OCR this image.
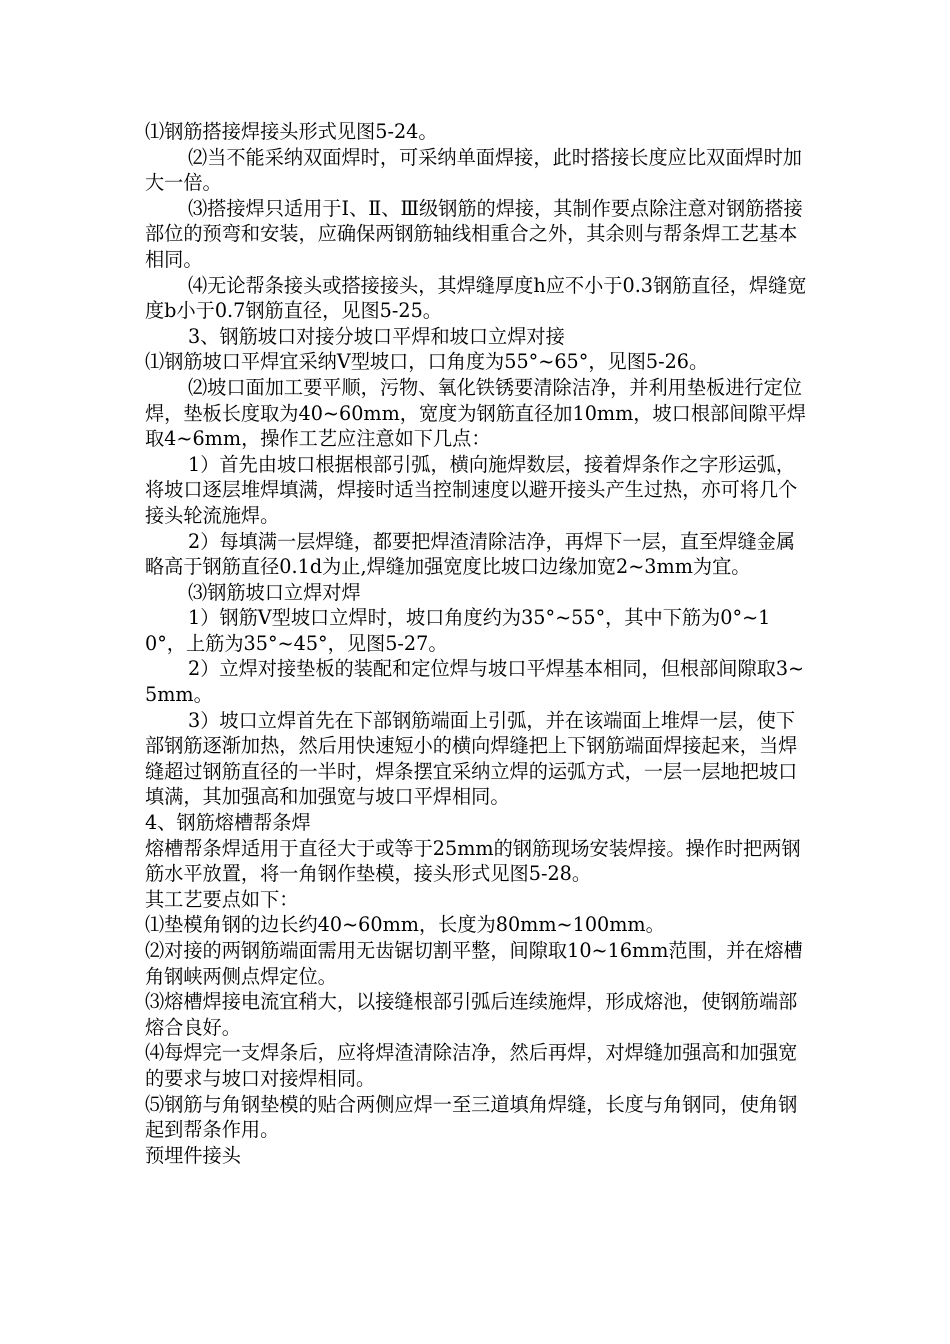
⑴钢筋搭接焊接头形式见图5-24。

⑵当不能采纳双面焊时，可采纳单面焊接，此时搭接长度应比双面焊时加大一倍。

⑶搭接焊只适用于Ⅰ、Ⅱ、Ⅲ级钢筋的焊接，其制作要点除注意对钢筋搭接部位的预弯和安装，应确保两钢筋轴线相重合之外，其余则与帮条焊工艺基本相同。

⑷无论帮条接头或搭接接头，其焊缝厚度h应不小于0.3钢筋直径，焊缝宽度b小于0.7钢筋直径，见图5-25。

3、钢筋坡口对接分坡口平焊和坡口立焊对接

⑴钢筋坡口平焊宜采纳V型坡口，口角度为55°~65°，见图5-26。

⑵坡口面加工要平顺，污物、氧化铁锈要清除洁净，并利用垫板进行定位焊，垫板长度取为40~60mm，宽度为钢筋直径加10mm，坡口根部间隙平焊取4~6mm，操作工艺应注意如下几点：

1）首先由坡口根据根部引弧，横向施焊数层，接着焊条作之字形运弧，将坡口逐层堆焊填满，焊接时适当控制速度以避开接头产生过热，亦可将几个接头轮流施焊。

2）每填满一层焊缝，都要把焊渣清除洁净，再焊下一层，直至焊缝金属略高于钢筋直径0.1d为止,焊缝加强宽度比坡口边缘加宽2~3mm为宜。

⑶钢筋坡口立焊对焊

1）钢筋V型坡口立焊时，坡口角度约为35°~55°，其中下筋为0°~10°，上筋为35°~45°，见图5-27。

2）立焊对接垫板的装配和定位焊与坡口平焊基本相同，但根部间隙取3~5mm。

3）坡口立焊首先在下部钢筋端面上引弧，并在该端面上堆焊一层，使下部钢筋逐渐加热，然后用快速短小的横向焊缝把上下钢筋端面焊接起来，当焊缝超过钢筋直径的一半时，焊条摆宜采纳立焊的运弧方式，一层一层地把坡口填满，其加强高和加强宽与坡口平焊相同。

4、钢筋熔槽帮条焊

熔槽帮条焊适用于直径大于或等于25mm的钢筋现场安装焊接。操作时把两钢筋水平放置，将一角钢作垫模，接头形式见图5-28。

其工艺要点如下：

⑴垫模角钢的边长约40~60mm，长度为80mm~100mm。

⑵对接的两钢筋端面需用无齿锯切割平整，间隙取10~16mm范围，并在熔槽角钢峡两侧点焊定位。

⑶熔槽焊接电流宜稍大，以接缝根部引弧后连续施焊，形成熔池，使钢筋端部熔合良好。

⑷每焊完一支焊条后，应将焊渣清除洁净，然后再焊，对焊缝加强高和加强宽的要求与坡口对接焊相同。

⑸钢筋与角钢垫模的贴合两侧应焊一至三道填角焊缝，长度与角钢同，使角钢起到帮条作用。

预埋件接头
